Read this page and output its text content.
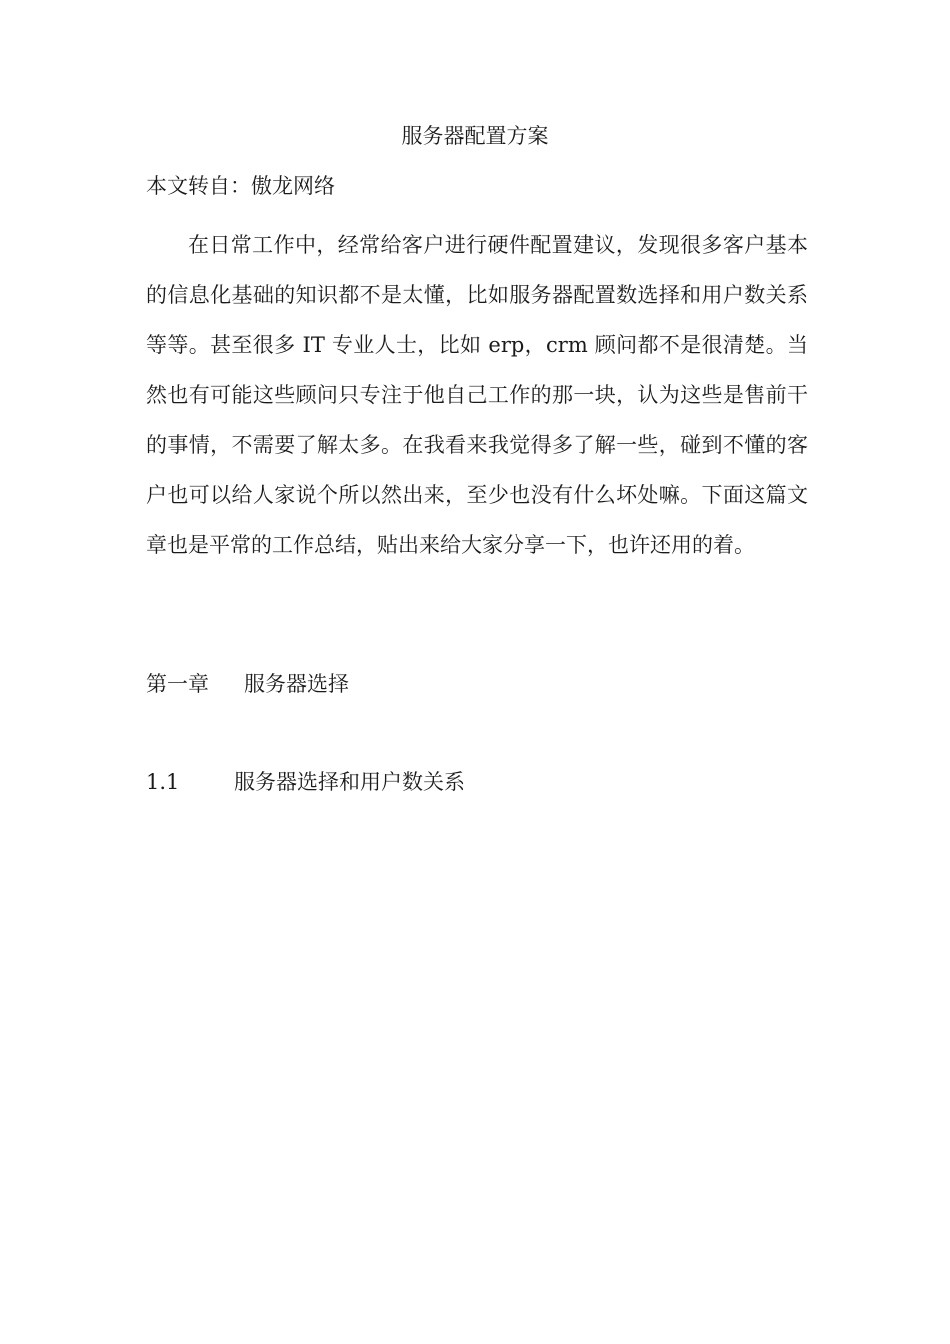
服务器配置方案
本文转自：傲龙网络

在日常工作中，经常给客户进行硬件配置建议，发现很多客户基本的信息化基础的知识都不是太懂，比如服务器配置数选择和用户数关系等等。甚至很多 IT 专业人士，比如 erp，crm 顾问都不是很清楚。当然也有可能这些顾问只专注于他自己工作的那一块，认为这些是售前干的事情，不需要了解太多。在我看来我觉得多了解一些，碰到不懂的客户也可以给人家说个所以然出来，至少也没有什么坏处嘛。下面这篇文章也是平常的工作总结，贴出来给大家分享一下，也许还用的着。

第一章 服务器选择
1.1	服务器选择和用户数关系
